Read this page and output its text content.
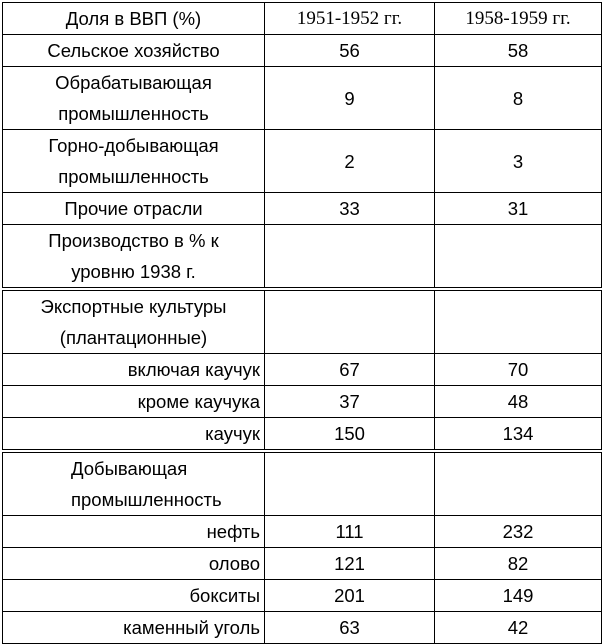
Доля в ВВП (%)	1951-1952 гг.	1958-1959 гг.
Сельское хозяйство	56	58
Обрабатывающая промышленность	9	8
Горно-добывающая промышленность	2	3
Прочие отрасли	33	31
Производство в % к уровню 1938 г.		
Экспортные культуры (плантационные)		
включая каучук	67	70
кроме каучука	37	48
каучук	150	134
Добывающая промышленность		
нефть	111	232
олово	121	82
бокситы	201	149
каменный уголь	63	42
